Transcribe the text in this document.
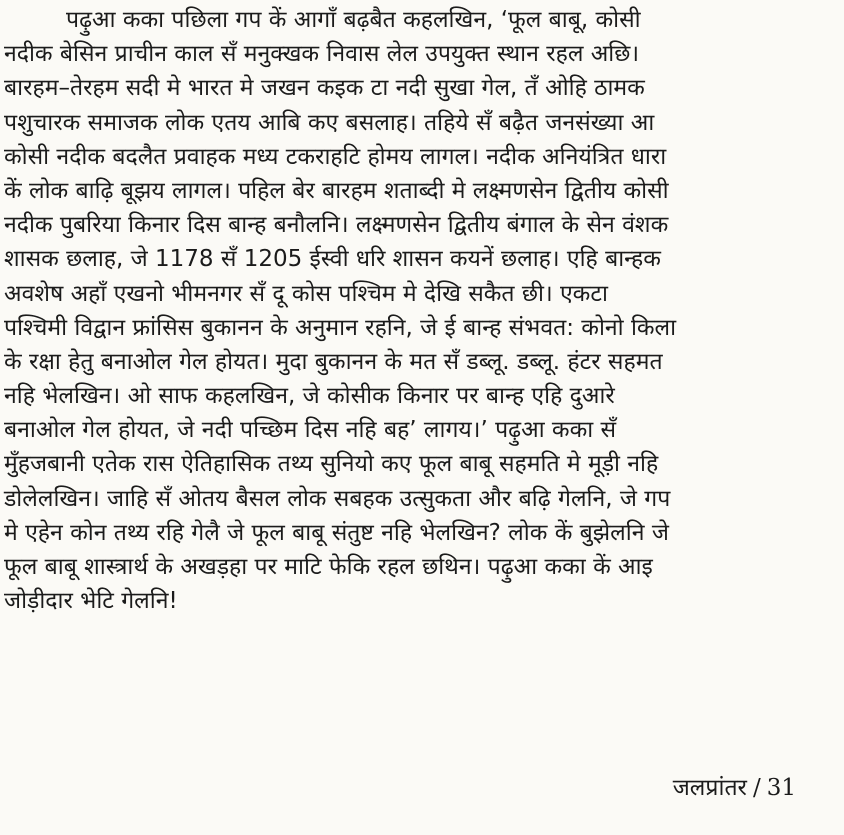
पढ़ुआ कका पछिला गप कें आगाँ बढ़बैत कहलखिन, ‘फूल बाबू, कोसी
नदीक बेसिन प्राचीन काल सँ मनुक्खक निवास लेल उपयुक्त स्थान रहल अछि।
बारहम–तेरहम सदी मे भारत मे जखन कइक टा नदी सुखा गेल, तँ ओहि ठामक
पशुचारक समाजक लोक एतय आबि कए बसलाह। तहिये सँ बढ़ैत जनसंख्या आ
कोसी नदीक बदलैत प्रवाहक मध्य टकराहटि होमय लागल। नदीक अनियंत्रित धारा
कें लोक बाढ़ि बूझय लागल। पहिल बेर बारहम शताब्दी मे लक्ष्मणसेन द्वितीय कोसी
नदीक पुबरिया किनार दिस बान्ह बनौलनि। लक्ष्मणसेन द्वितीय बंगाल के सेन वंशक
शासक छलाह, जे 1178 सँ 1205 ईस्वी धरि शासन कयनें छलाह। एहि बान्हक
अवशेष अहाँ एखनो भीमनगर सँ दू कोस पश्चिम मे देखि सकैत छी। एकटा
पश्चिमी विद्वान फ्रांसिस बुकानन के अनुमान रहनि, जे ई बान्ह संभवत: कोनो किला
के रक्षा हेतु बनाओल गेल होयत। मुदा बुकानन के मत सँ डब्लू. डब्लू. हंटर सहमत
नहि भेलखिन। ओ साफ कहलखिन, जे कोसीक किनार पर बान्ह एहि दुआरे
बनाओल गेल होयत, जे नदी पच्छिम दिस नहि बह’ लागय।’ पढ़ुआ कका सँ
मुँहजबानी एतेक रास ऐतिहासिक तथ्य सुनियो कए फूल बाबू सहमति मे मूड़ी नहि
डोलेलखिन। जाहि सँ ओतय बैसल लोक सबहक उत्सुकता और बढ़ि गेलनि, जे गप
मे एहेन कोन तथ्य रहि गेलै जे फूल बाबू संतुष्ट नहि भेलखिन? लोक कें बुझेलनि जे
फूल बाबू शास्त्रार्थ के अखड़हा पर माटि फेकि रहल छथिन। पढ़ुआ कका कें आइ
जोड़ीदार भेटि गेलनि!
जलप्रांतर / 31
